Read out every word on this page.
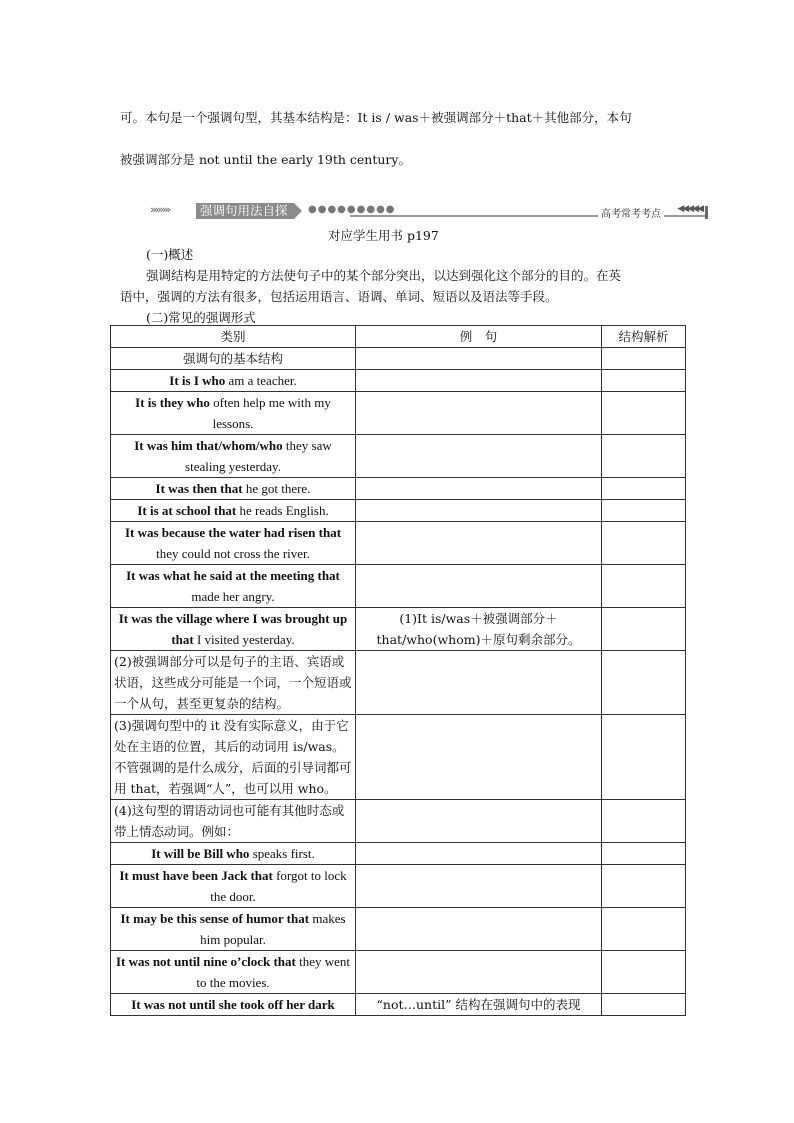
可。本句是一个强调句型，其基本结构是：It is / was＋被强调部分＋that＋其他部分，本句
被强调部分是 not until the early 19th century。
››››››››	强调句用法自探	●●●●●●●●●	高考常考考点	◀◀◀◀◀
对应学生用书 p197
(一)概述
强调结构是用特定的方法使句子中的某个部分突出，以达到强化这个部分的目的。在英
语中，强调的方法有很多，包括运用语言、语调、单词、短语以及语法等手段。
(二)常见的强调形式
类别	例　句	结构解析
强调句的基本结构		
It is I who am a teacher.		
It is they who often help me with my lessons.		
It was him that/whom/who they saw stealing yesterday.		
It was then that he got there.		
It is at school that he reads English.		
It was because the water had risen that they could not cross the river.		
It was what he said at the meeting that made her angry.		
It was the village where I was brought up that I visited yesterday.	(1)It is/was＋被强调部分＋that/who(whom)＋原句剩余部分。	
(2)被强调部分可以是句子的主语、宾语或状语，这些成分可能是一个词，一个短语或一个从句，甚至更复杂的结构。		
(3)强调句型中的 it 没有实际意义，由于它处在主语的位置，其后的动词用 is/was。不管强调的是什么成分，后面的引导词都可用 that，若强调“人”，也可以用 who。		
(4)这句型的谓语动词也可能有其他时态或带上情态动词。例如：		
It will be Bill who speaks first.		
It must have been Jack that forgot to lock the door.		
It may be this sense of humor that makes him popular.		
It was not until nine o’clock that they went to the movies.		
It was not until she took off her dark	“not…until” 结构在强调句中的表现	
